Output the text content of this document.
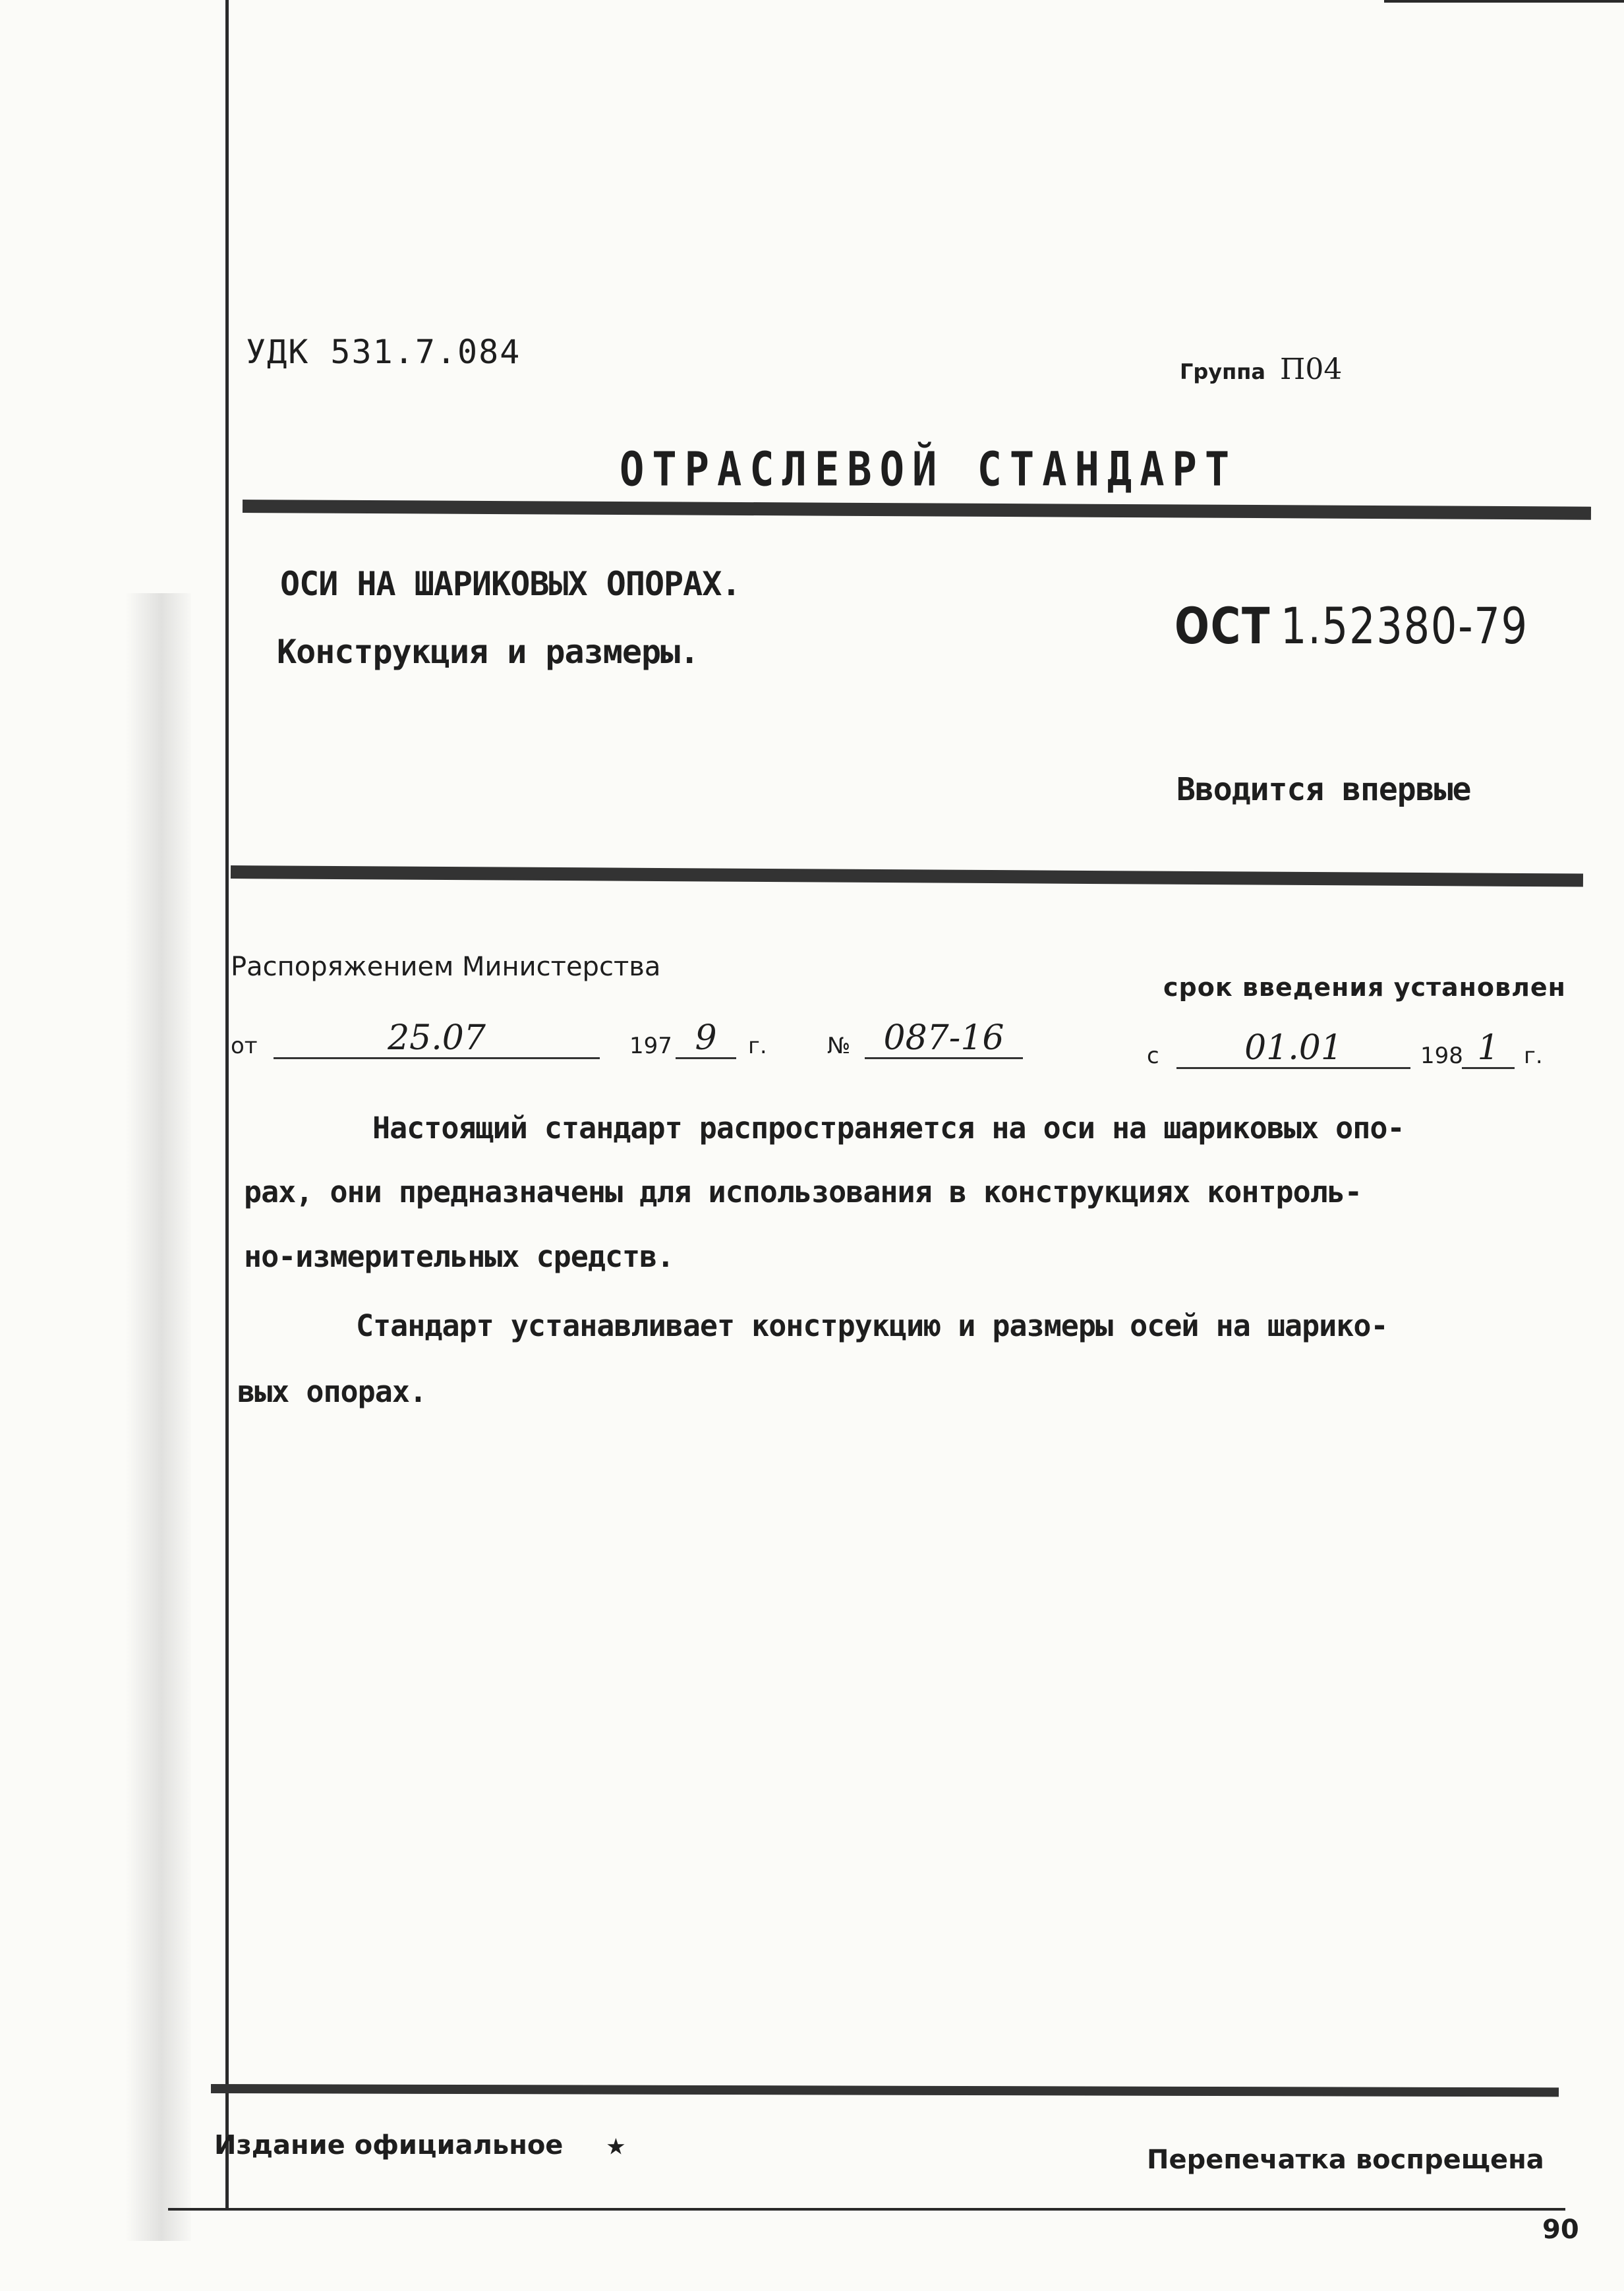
УДК 531.7.084
Группа П04
ОТРАСЛЕВОЙ СТАНДАРТ
ОСИ НА ШАРИКОВЫХ ОПОРАХ.
Конструкция и размеры.	ОСТ 1.52380-79
Вводится впервые
Распоряжением Министерства
срок введения установлен
от	25.07	197 9	г.	№ 087-16	с	01.01	198 1	г.
Настоящий стандарт распространяется на оси на шариковых опо-
рах, они предназначены для использования в конструкциях контроль-
но-измерительных средств.
Стандарт устанавливает конструкцию и размеры осей на шарико-
вых опорах.
Издание официальное ★	Перепечатка воспрещена
90
